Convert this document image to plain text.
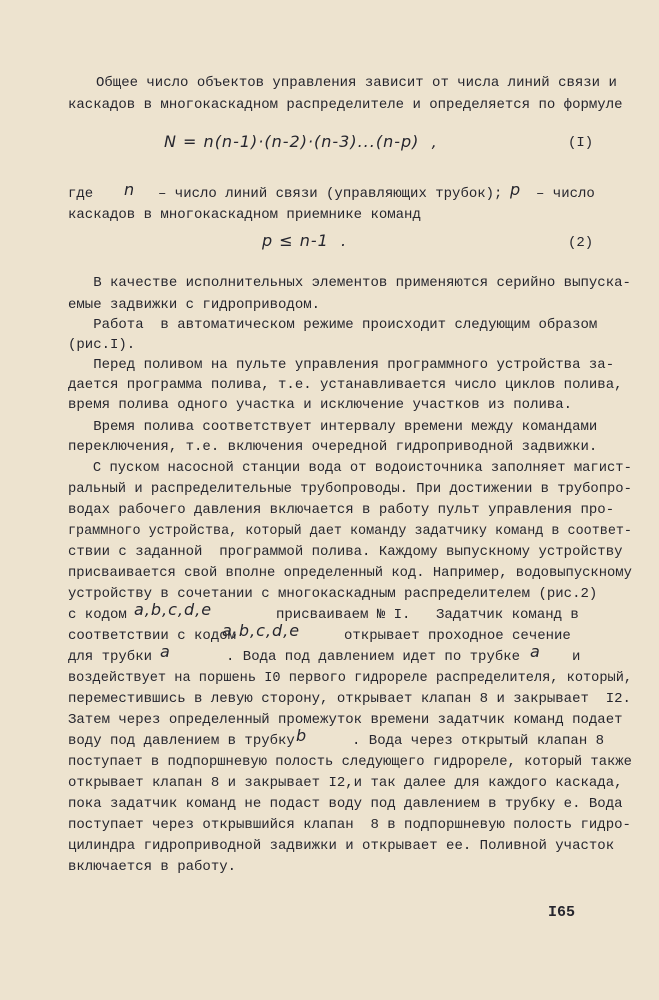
Общее число объектов управления зависит от числа линий связи и
каскадов в многокаскадном распределителе и определяется по формуле
N = n(n-1)·(n-2)·(n-3)...(n-p)  ,	(I)
где n – число линий связи (управляющих трубок); p – число
каскадов в многокаскадном приемнике команд
p ≤ n-1  .	(2)
В качестве исполнительных элементов применяются серийно выпуска-
емые задвижки с гидроприводом.
Работа  в автоматическом режиме происходит следующим образом
(рис.I).
Перед поливом на пульте управления программного устройства за-
дается программа полива, т.е. устанавливается число циклов полива,
время полива одного участка и исключение участков из полива.
Время полива соответствует интервалу времени между командами
переключения, т.е. включения очередной гидроприводной задвижки.
С пуском насосной станции вода от водоисточника заполняет магист-
ральный и распределительные трубопроводы. При достижении в трубопро-
водах рабочего давления включается в работу пульт управления про-
граммного устройства, который дает команду задатчику команд в соответ-
ствии с заданной  программой полива. Каждому выпускному устройству
присваивается свой вполне определенный код. Например, водовыпускному
устройству в сочетании с многокаскадным распределителем (рис.2)
с кодом a,b,c,d,e	присваиваем № I. Задатчик команд в
соответствии с кодом
a,b,c,d,e	открывает проходное сечение
для трубки a	. Вода под давлением идет по трубке a и
воздействует на поршень I0 первого гидрореле распределителя, который,
переместившись в левую сторону, открывает клапан 8 и закрывает  I2.
Затем через определенный промежуток времени задатчик команд подает
воду под давлением в трубку b	. Вода через открытый клапан 8
поступает в подпоршневую полость следующего гидрореле, который также
открывает клапан 8 и закрывает I2,и так далее для каждого каскада,
пока задатчик команд не подаст воду под давлением в трубку е. Вода
поступает через открывшийся клапан  8 в подпоршневую полость гидро-
цилиндра гидроприводной задвижки и открывает ее. Поливной участок
включается в работу.
I65
